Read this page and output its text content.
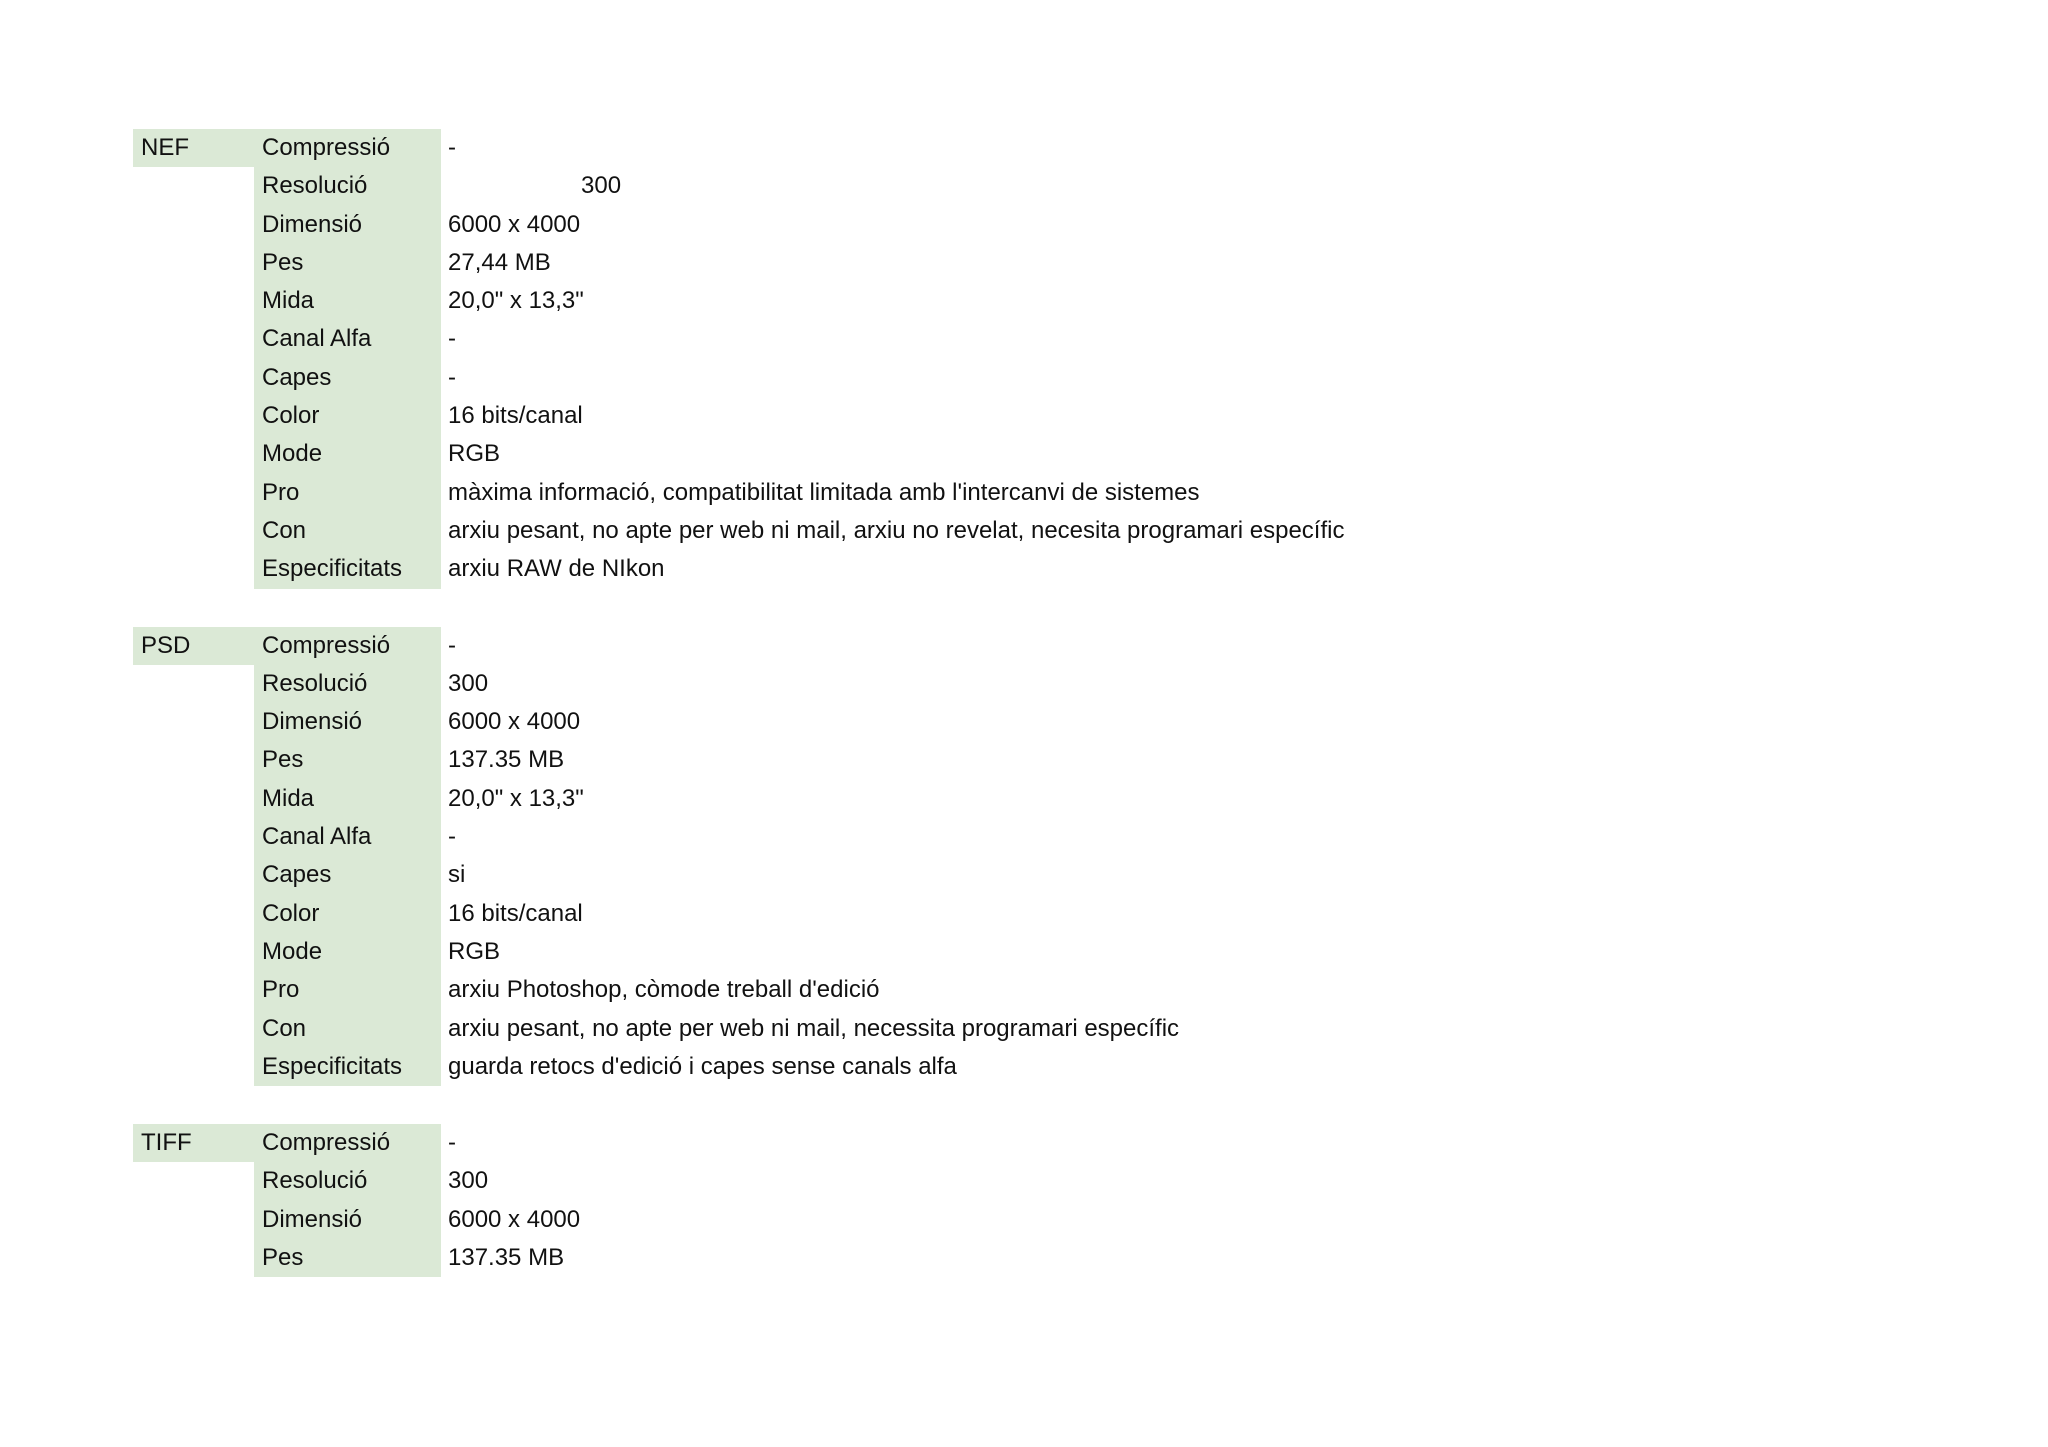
NEF	Compressió	-
Resolució	300
Dimensió	6000 x 4000
Pes	27,44 MB
Mida	20,0" x 13,3"
Canal Alfa	-
Capes	-
Color	16 bits/canal
Mode	RGB
Pro	màxima informació, compatibilitat limitada amb l'intercanvi de sistemes
Con	arxiu pesant, no apte per web ni mail, arxiu no revelat, necesita programari específic
Especificitats	arxiu RAW de NIkon
PSD	Compressió	-
Resolució	300
Dimensió	6000 x 4000
Pes	137.35 MB
Mida	20,0" x 13,3"
Canal Alfa	-
Capes	si
Color	16 bits/canal
Mode	RGB
Pro	arxiu Photoshop, còmode treball d'edició
Con	arxiu pesant, no apte per web ni mail, necessita programari específic
Especificitats	guarda retocs d'edició i capes sense canals alfa
TIFF	Compressió	-
Resolució	300
Dimensió	6000 x 4000
Pes	137.35 MB
